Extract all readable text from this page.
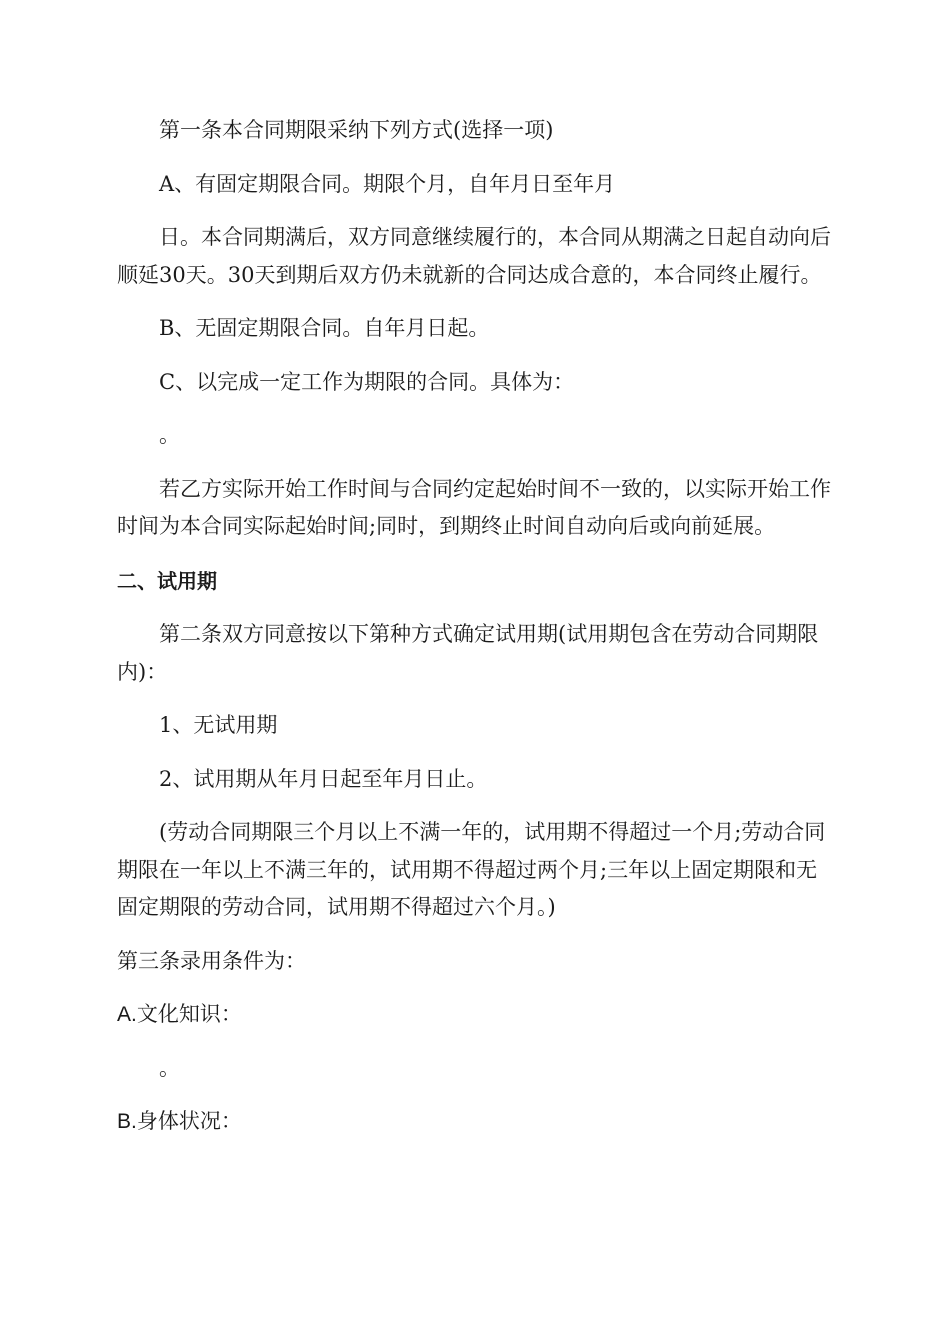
第一条本合同期限采纳下列方式(选择一项)

A、有固定期限合同。期限个月，自年月日至年月

日。本合同期满后，双方同意继续履行的，本合同从期满之日起自动向后顺延30天。30天到期后双方仍未就新的合同达成合意的，本合同终止履行。

B、无固定期限合同。自年月日起。

C、以完成一定工作为期限的合同。具体为：

。

若乙方实际开始工作时间与合同约定起始时间不一致的，以实际开始工作时间为本合同实际起始时间;同时，到期终止时间自动向后或向前延展。

二、试用期

第二条双方同意按以下第种方式确定试用期(试用期包含在劳动合同期限内)：

1、无试用期

2、试用期从年月日起至年月日止。

(劳动合同期限三个月以上不满一年的，试用期不得超过一个月;劳动合同期限在一年以上不满三年的，试用期不得超过两个月;三年以上固定期限和无固定期限的劳动合同，试用期不得超过六个月。)

第三条录用条件为：

A.文化知识：

。

B.身体状况：
